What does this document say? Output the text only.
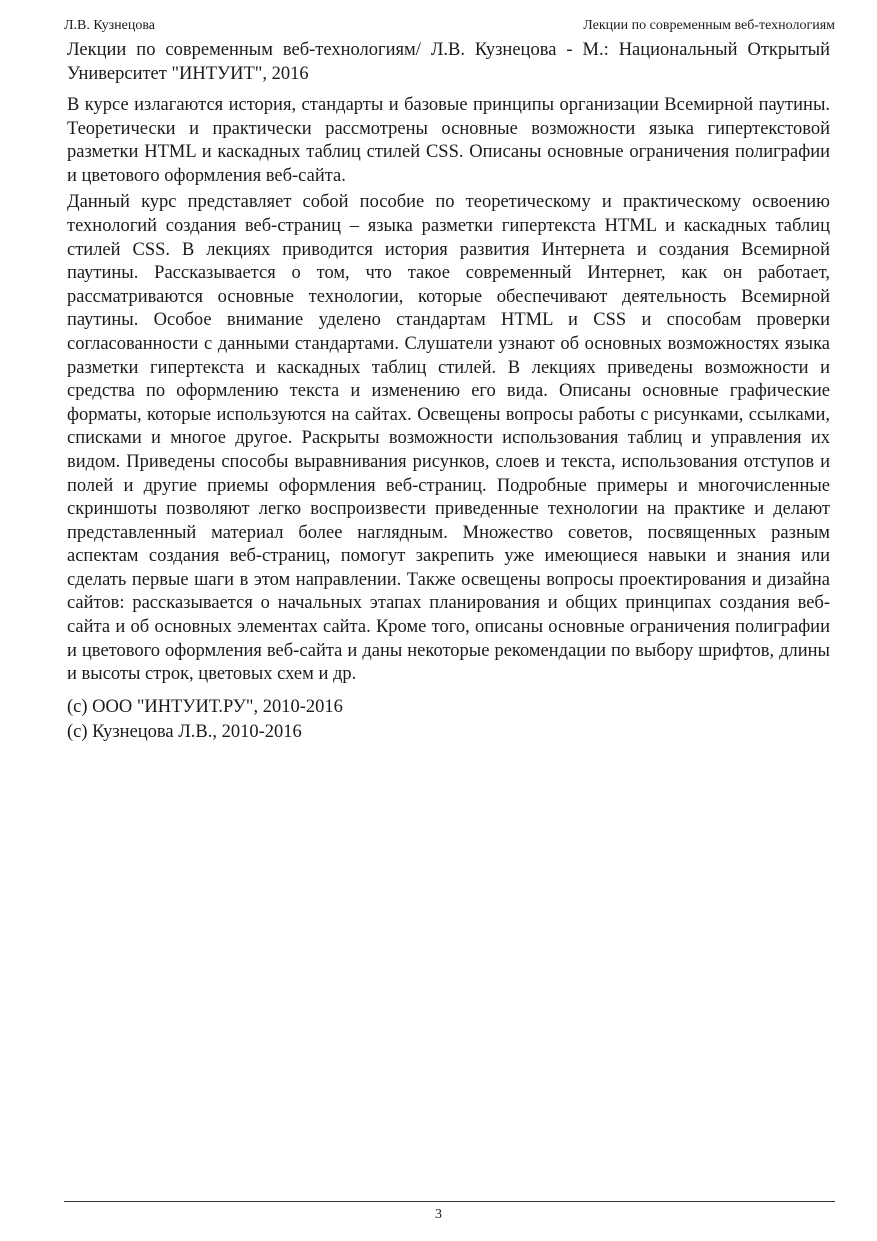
Л.В. Кузнецова	Лекции по современным веб-технологиям

Лекции по современным веб-технологиям/ Л.В. Кузнецова - М.: Национальный Открытый Университет "ИНТУИТ", 2016

В курсе излагаются история, стандарты и базовые принципы организации Всемирной паутины. Теоретически и практически рассмотрены основные возможности языка гипертекстовой разметки HTML и каскадных таблиц стилей CSS. Описаны основные ограничения полиграфии и цветового оформления веб-сайта.

Данный курс представляет собой пособие по теоретическому и практическому освоению технологий создания веб-страниц – языка разметки гипертекста HTML и каскадных таблиц стилей CSS. В лекциях приводится история развития Интернета и создания Всемирной паутины. Рассказывается о том, что такое современный Интернет, как он работает, рассматриваются основные технологии, которые обеспечивают деятельность Всемирной паутины. Особое внимание уделено стандартам HTML и CSS и способам проверки согласованности с данными стандартами. Слушатели узнают об основных возможностях языка разметки гипертекста и каскадных таблиц стилей. В лекциях приведены возможности и средства по оформлению текста и изменению его вида. Описаны основные графические форматы, которые используются на сайтах. Освещены вопросы работы с рисунками, ссылками, списками и многое другое. Раскрыты возможности использования таблиц и управления их видом. Приведены способы выравнивания рисунков, слоев и текста, использования отступов и полей и другие приемы оформления веб-страниц. Подробные примеры и многочисленные скриншоты позволяют легко воспроизвести приведенные технологии на практике и делают представленный материал более наглядным. Множество советов, посвященных разным аспектам создания веб-страниц, помогут закрепить уже имеющиеся навыки и знания или сделать первые шаги в этом направлении. Также освещены вопросы проектирования и дизайна сайтов: рассказывается о начальных этапах планирования и общих принципах создания веб-сайта и об основных элементах сайта. Кроме того, описаны основные ограничения полиграфии и цветового оформления веб-сайта и даны некоторые рекомендации по выбору шрифтов, длины и высоты строк, цветовых схем и др.

(c) ООО "ИНТУИТ.РУ", 2010-2016
(c) Кузнецова Л.В., 2010-2016
3
